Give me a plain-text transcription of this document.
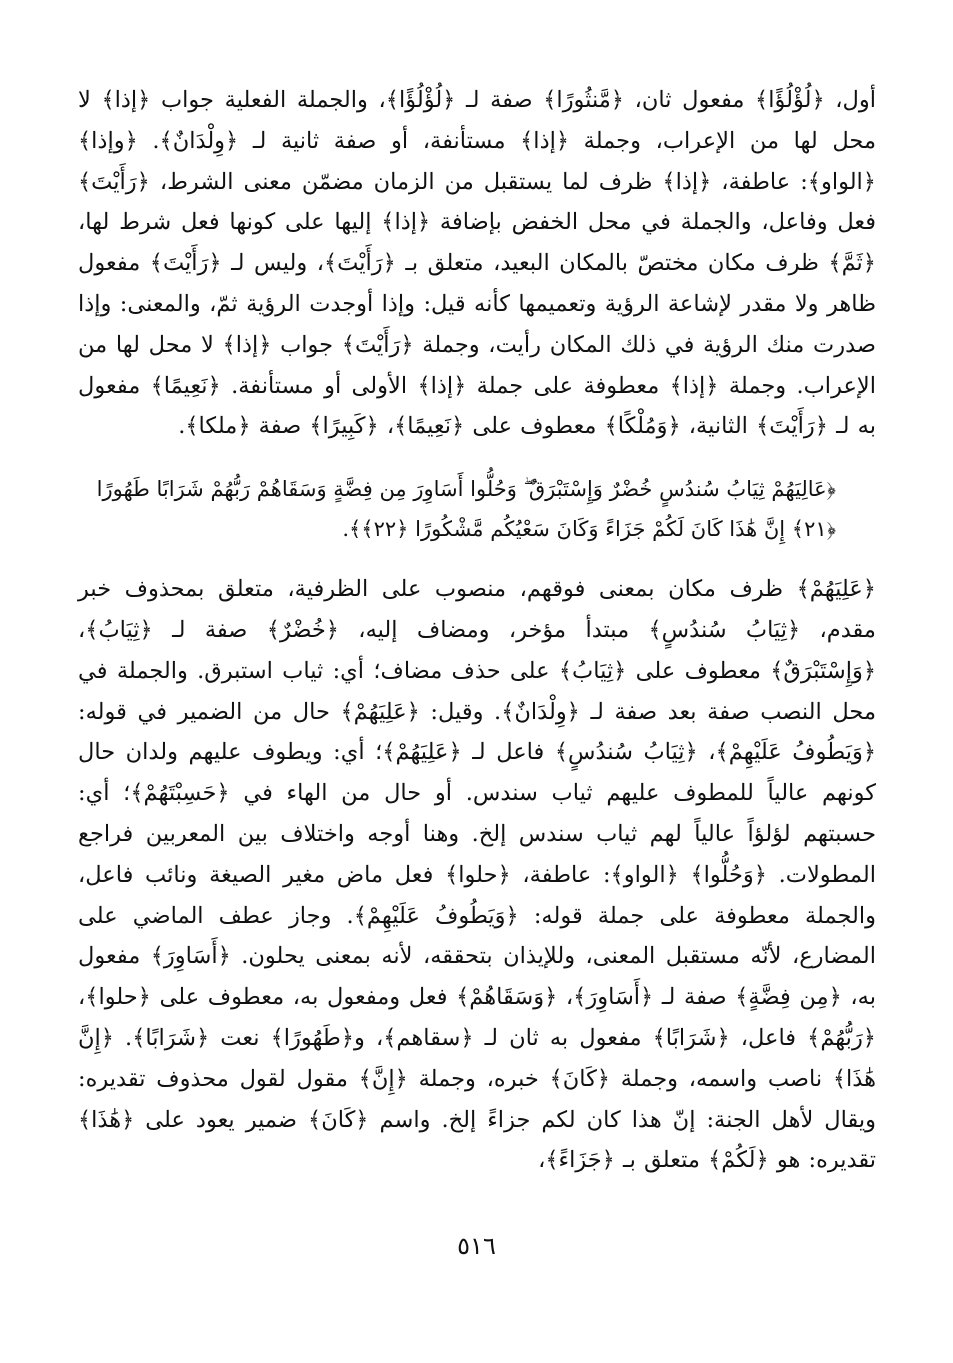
أول، ﴿لُؤْلُؤًا﴾ مفعول ثان، ﴿مَّنثُورًا﴾ صفة لـ ﴿لُؤْلُؤًا﴾، والجملة الفعلية جواب ﴿إذا﴾ لا محل لها من الإعراب، وجملة ﴿إذا﴾ مستأنفة، أو صفة ثانية لـ ﴿وِلْدَانٌ﴾. ﴿وإذا﴾ ﴿الواو﴾: عاطفة، ﴿إذا﴾ ظرف لما يستقبل من الزمان مضمّن معنى الشرط، ﴿رَأَيْتَ﴾ فعل وفاعل، والجملة في محل الخفض بإضافة ﴿إذا﴾ إليها على كونها فعل شرط لها، ﴿ثَمَّ﴾ ظرف مكان مختصّ بالمكان البعيد، متعلق بـ ﴿رَأَيْتَ﴾، وليس لـ ﴿رَأَيْتَ﴾ مفعول ظاهر ولا مقدر لإشاعة الرؤية وتعميمها كأنه قيل: وإذا أوجدت الرؤية ثمّ، والمعنى: وإذا صدرت منك الرؤية في ذلك المكان رأيت، وجملة ﴿رَأَيْتَ﴾ جواب ﴿إذا﴾ لا محل لها من الإعراب. وجملة ﴿إذا﴾ معطوفة على جملة ﴿إذا﴾ الأولى أو مستأنفة. ﴿نَعِيمًا﴾ مفعول به لـ ﴿رَأَيْتَ﴾ الثانية، ﴿وَمُلْكًا﴾ معطوف على ﴿نَعِيمًا﴾، ﴿كَبِيرًا﴾ صفة ﴿ملكا﴾.

﴿عَالِيَهُمْ ثِيَابُ سُندُسٍ خُضْرٌ وَإِسْتَبْرَقٌ ۖ وَحُلُّوا أَسَاوِرَ مِن فِضَّةٍ وَسَقَاهُمْ رَبُّهُمْ شَرَابًا طَهُورًا ﴿٢١﴾ إِنَّ هَٰذَا كَانَ لَكُمْ جَزَاءً وَكَانَ سَعْيُكُم مَّشْكُورًا ﴿٢٢﴾﴾.

﴿عَلِيَهُمْ﴾ ظرف مكان بمعنى فوقهم، منصوب على الظرفية، متعلق بمحذوف خبر مقدم، ﴿ثِيَابُ سُندُسٍ﴾ مبتدأ مؤخر، ومضاف إليه، ﴿خُضْرٌ﴾ صفة لـ ﴿ثِيَابُ﴾، ﴿وَإِسْتَبْرَقٌ﴾ معطوف على ﴿ثِيَابُ﴾ على حذف مضاف؛ أي: ثياب استبرق. والجملة في محل النصب صفة بعد صفة لـ ﴿وِلْدَانٌ﴾. وقيل: ﴿عَلِيَهُمْ﴾ حال من الضمير في قوله: ﴿وَيَطُوفُ عَلَيْهِمْ﴾، ﴿ثِيَابُ سُندُسٍ﴾ فاعل لـ ﴿عَلِيَهُمْ﴾؛ أي: ويطوف عليهم ولدان حال كونهم عالياً للمطوف عليهم ثياب سندس. أو حال من الهاء في ﴿حَسِبْتَهُمْ﴾؛ أي: حسبتهم لؤلؤاً عالياً لهم ثياب سندس إلخ. وهنا أوجه واختلاف بين المعربين فراجع المطولات. ﴿وَحُلُّوا﴾ ﴿الواو﴾: عاطفة، ﴿حلوا﴾ فعل ماض مغير الصيغة ونائب فاعل، والجملة معطوفة على جملة قوله: ﴿وَيَطُوفُ عَلَيْهِمْ﴾. وجاز عطف الماضي على المضارع، لأنّه مستقبل المعنى، وللإيذان بتحققه، لأنه بمعنى يحلون. ﴿أَسَاوِرَ﴾ مفعول به، ﴿مِن فِضَّةٍ﴾ صفة لـ ﴿أَسَاوِرَ﴾، ﴿وَسَقَاهُمْ﴾ فعل ومفعول به، معطوف على ﴿حلوا﴾، ﴿رَبُّهُمْ﴾ فاعل، ﴿شَرَابًا﴾ مفعول به ثان لـ ﴿سقاهم﴾، و﴿طَهُورًا﴾ نعت ﴿شَرَابًا﴾. ﴿إِنَّ هَٰذَا﴾ ناصب واسمه، وجملة ﴿كَانَ﴾ خبره، وجملة ﴿إِنَّ﴾ مقول لقول محذوف تقديره: ويقال لأهل الجنة: إنّ هذا كان لكم جزاءً إلخ. واسم ﴿كَانَ﴾ ضمير يعود على ﴿هَٰذَا﴾ تقديره: هو ﴿لَكُمْ﴾ متعلق بـ ﴿جَزَاءً﴾،

٥١٦
